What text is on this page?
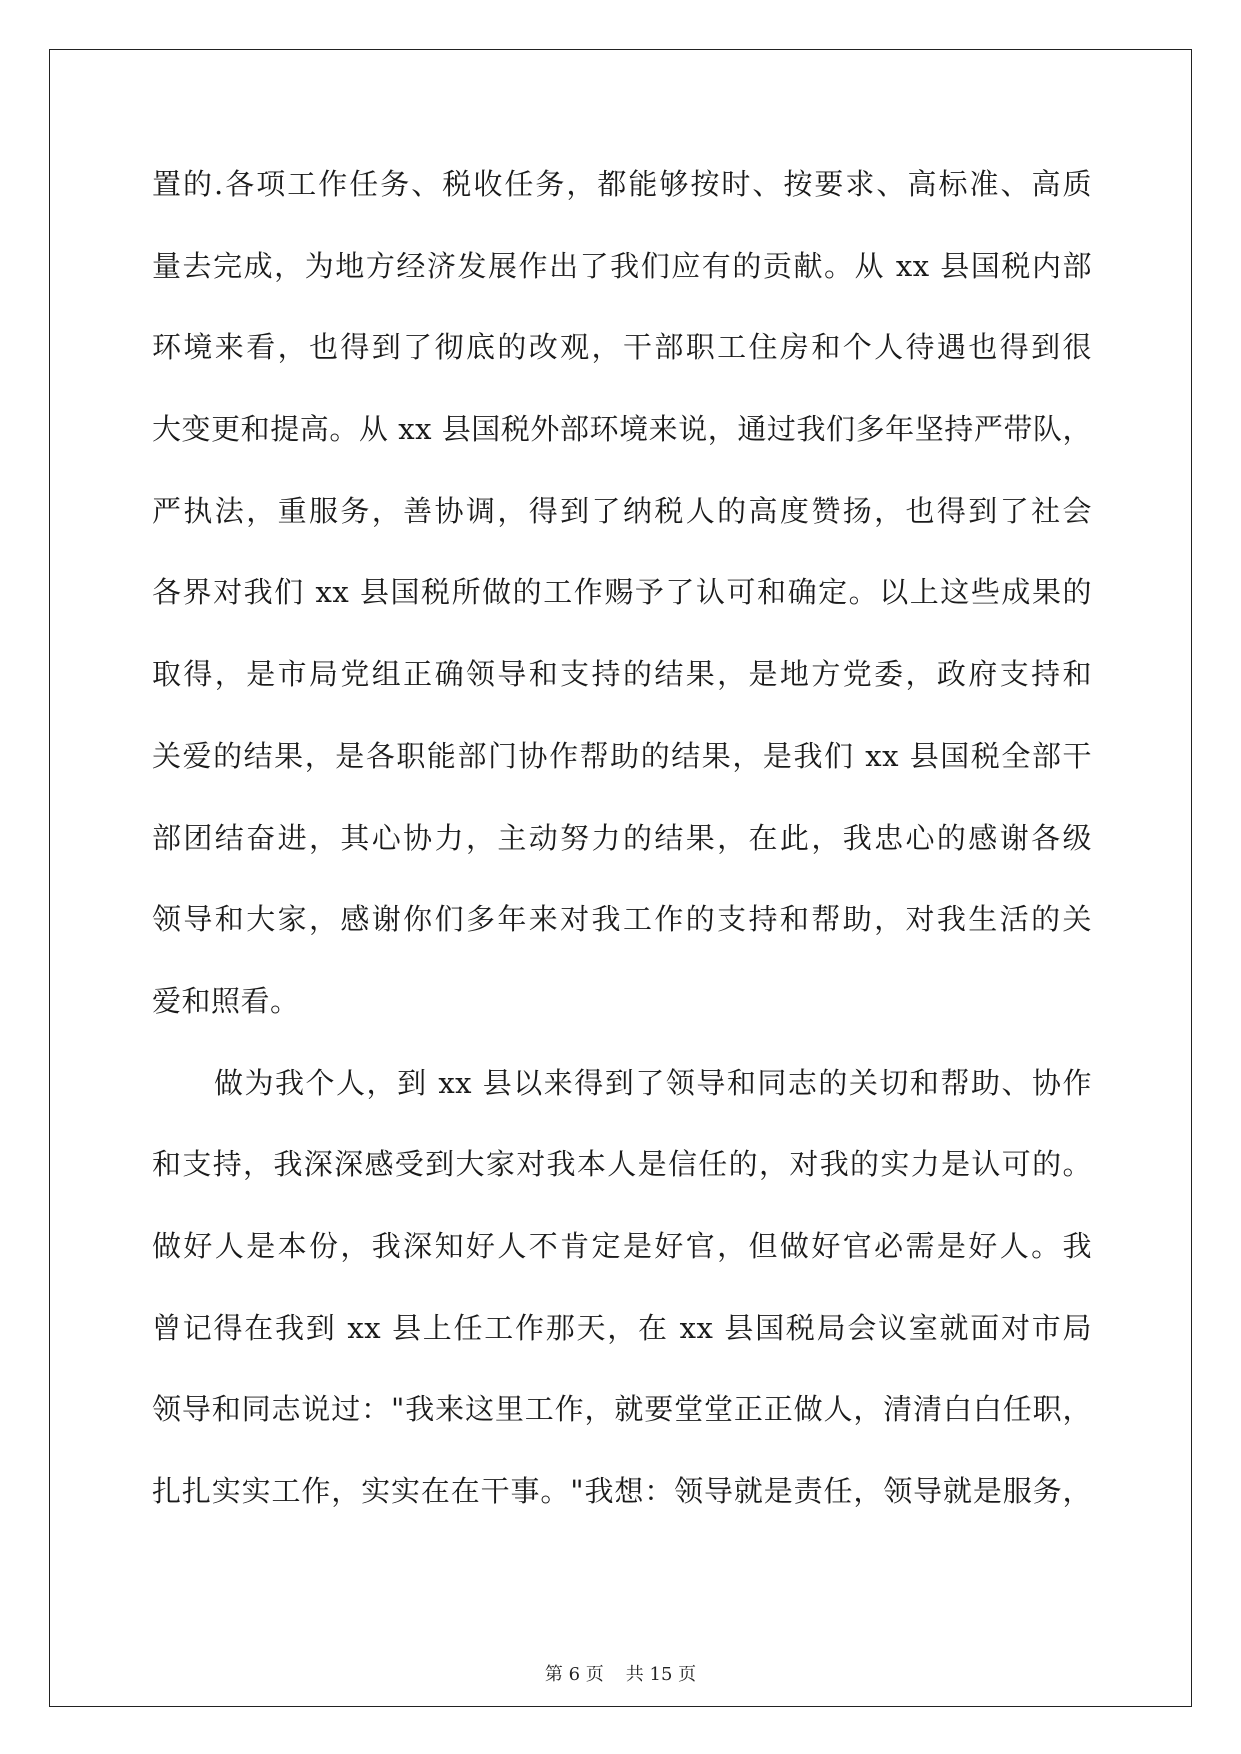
置的.各项工作任务、税收任务，都能够按时、按要求、高标准、高质
量去完成，为地方经济发展作出了我们应有的贡献。从 xx 县国税内部
环境来看，也得到了彻底的改观，干部职工住房和个人待遇也得到很
大变更和提高。从 xx 县国税外部环境来说，通过我们多年坚持严带队，
严执法，重服务，善协调，得到了纳税人的高度赞扬，也得到了社会
各界对我们 xx 县国税所做的工作赐予了认可和确定。以上这些成果的
取得，是市局党组正确领导和支持的结果，是地方党委，政府支持和
关爱的结果，是各职能部门协作帮助的结果，是我们 xx 县国税全部干
部团结奋进，其心协力，主动努力的结果，在此，我忠心的感谢各级
领导和大家，感谢你们多年来对我工作的支持和帮助，对我生活的关
爱和照看。
做为我个人，到 xx 县以来得到了领导和同志的关切和帮助、协作
和支持，我深深感受到大家对我本人是信任的，对我的实力是认可的。
做好人是本份，我深知好人不肯定是好官，但做好官必需是好人。我
曾记得在我到 xx 县上任工作那天，在 xx 县国税局会议室就面对市局
领导和同志说过："我来这里工作，就要堂堂正正做人，清清白白任职，
扎扎实实工作，实实在在干事。"我想：领导就是责任，领导就是服务，
第 6 页 共 15 页
